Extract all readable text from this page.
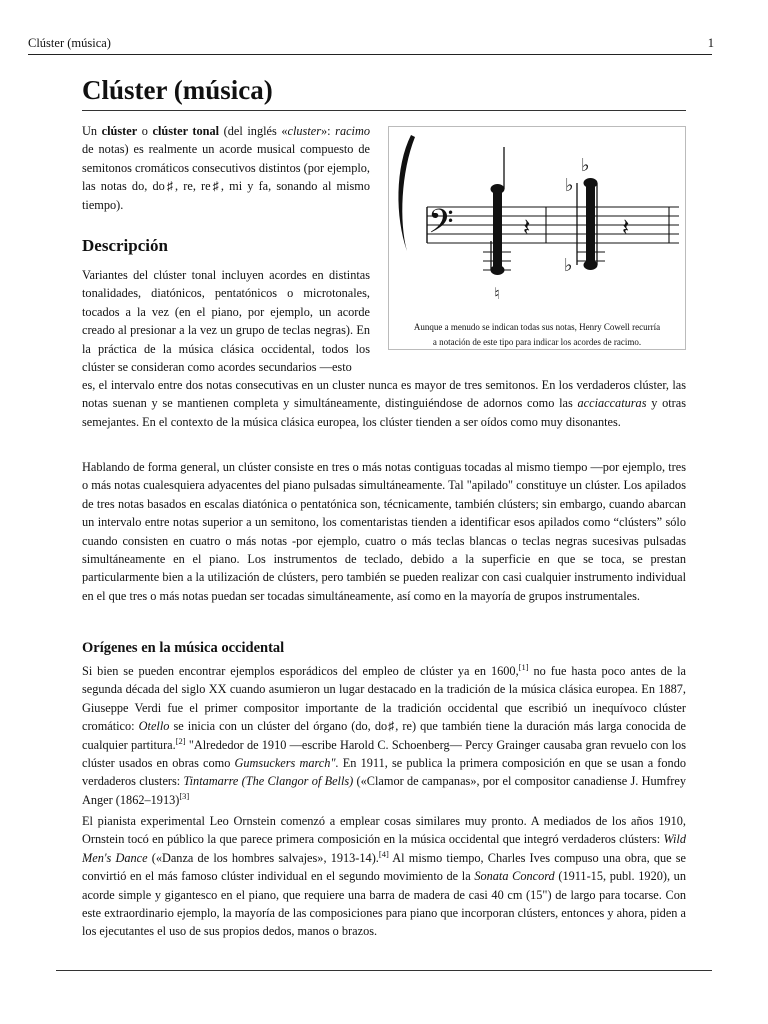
Clúster (música)	1
Clúster (música)

Un clúster o clúster tonal (del inglés «cluster»: racimo de notas) es realmente un acorde musical compuesto de semitonos cromáticos consecutivos distintos (por ejemplo, las notas do, do♯, re, re♯, mi y fa, sonando al mismo tiempo).	𝄢
♮
𝄽	𝄽
♭
♭
♭
Aunque a menudo se indican todas sus notas, Henry Cowell recurría
a notación de este tipo para indicar los acordes de racimo.
Descripción

Variantes del clúster tonal incluyen acordes en distintas tonalidades, diatónicos, pentatónicos o microtonales, tocados a la vez (en el piano, por ejemplo, un acorde creado al presionar a la vez un grupo de teclas negras). En la práctica de la música clásica occidental, todos los clúster se consideran como acordes secundarios —esto

es, el intervalo entre dos notas consecutivas en un cluster nunca es mayor de tres semitonos. En los verdaderos clúster, las notas suenan y se mantienen completa y simultáneamente, distinguiéndose de adornos como las acciaccaturas y otras semejantes. En el contexto de la música clásica europea, los clúster tienden a ser oídos como muy disonantes.

Hablando de forma general, un clúster consiste en tres o más notas contiguas tocadas al mismo tiempo —por ejemplo, tres o más notas cualesquiera adyacentes del piano pulsadas simultáneamente. Tal "apilado" constituye un clúster. Los apilados de tres notas basados en escalas diatónica o pentatónica son, técnicamente, también clústers; sin embargo, cuando abarcan un intervalo entre notas superior a un semitono, los comentaristas tienden a identificar esos apilados como “clústers” sólo cuando consisten en cuatro o más notas -por ejemplo, cuatro o más teclas blancas o teclas negras sucesivas pulsadas simultáneamente en el piano. Los instrumentos de teclado, debido a la superficie en que se toca, se prestan particularmente bien a la utilización de clústers, pero también se pueden realizar con casi cualquier instrumento individual en el que tres o más notas puedan ser tocadas simultáneamente, así como en la mayoría de grupos instrumentales.

Orígenes en la música occidental

Si bien se pueden encontrar ejemplos esporádicos del empleo de clúster ya en 1600,[1] no fue hasta poco antes de la segunda década del siglo XX cuando asumieron un lugar destacado en la tradición de la música clásica europea. En 1887, Giuseppe Verdi fue el primer compositor importante de la tradición occidental que escribió un inequívoco clúster cromático: Otello se inicia con un clúster del órgano (do, do♯, re) que también tiene la duración más larga conocida de cualquier partitura.[2] "Alrededor de 1910 —escribe Harold C. Schoenberg— Percy Grainger causaba gran revuelo con los clúster usados en obras como Gumsuckers march". En 1911, se publica la primera composición en que se usan a fondo verdaderos clusters: Tintamarre (The Clangor of Bells) («Clamor de campanas», por el compositor canadiense J. Humfrey Anger (1862–1913)[3]

El pianista experimental Leo Ornstein comenzó a emplear cosas similares muy pronto. A mediados de los años 1910, Ornstein tocó en público la que parece primera composición en la música occidental que integró verdaderos clústers: Wild Men's Dance («Danza de los hombres salvajes», 1913-14).[4] Al mismo tiempo, Charles Ives compuso una obra, que se convirtió en el más famoso clúster individual en el segundo movimiento de la Sonata Concord (1911-15, publ. 1920), un acorde simple y gigantesco en el piano, que requiere una barra de madera de casi 40 cm (15") de largo para tocarse. Con este extraordinario ejemplo, la mayoría de las composiciones para piano que incorporan clústers, entonces y ahora, piden a los ejecutantes el uso de sus propios dedos, manos o brazos.
